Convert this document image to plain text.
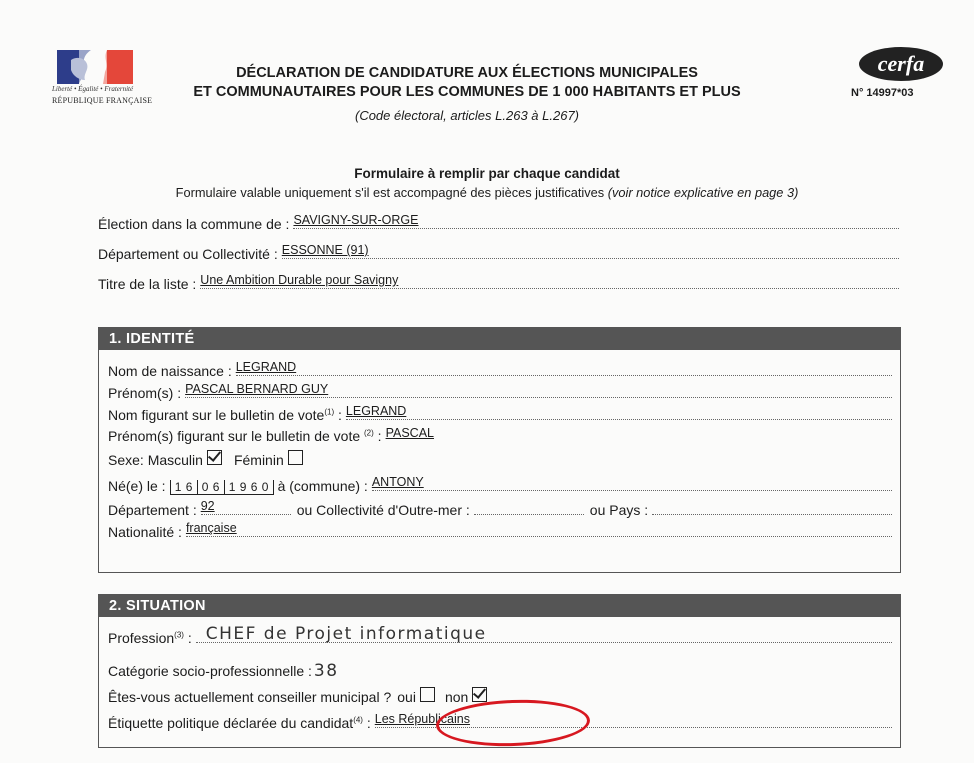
Liberté • Égalité • Fraternité
RÉPUBLIQUE FRANÇAISE
DÉCLARATION DE CANDIDATURE AUX ÉLECTIONS MUNICIPALES
ET COMMUNAUTAIRES POUR LES COMMUNES DE 1 000 HABITANTS ET PLUS
(Code électoral, articles L.263 à L.267)
cerfa
N° 14997*03
Formulaire à remplir par chaque candidat
Formulaire valable uniquement s'il est accompagné des pièces justificatives (voir notice explicative en page 3)
Élection dans la commune de : SAVIGNY-SUR-ORGE
Département ou Collectivité : ESSONNE (91)
Titre de la liste : Une Ambition Durable pour Savigny
1. IDENTITÉ
Nom de naissance : LEGRAND
Prénom(s) : PASCAL BERNARD GUY
Nom figurant sur le bulletin de vote$^{(1)}$ : LEGRAND
Prénom(s) figurant sur le bulletin de vote $^{(2)}$ : PASCAL
Sexe: Masculin Féminin
Né(e) le : 1 6 0 6 1 9 6 0 à (commune) : ANTONY
Département : 92	ou Collectivité d'Outre-mer :	ou Pays :
Nationalité : française
2. SITUATION
Profession$^{(3)}$ : CHEF de Projet informatique
Catégorie socio-professionnelle : 38
Êtes-vous actuellement conseiller municipal ? oui non
Étiquette politique déclarée du candidat$^{(4)}$ : Les Républicains
